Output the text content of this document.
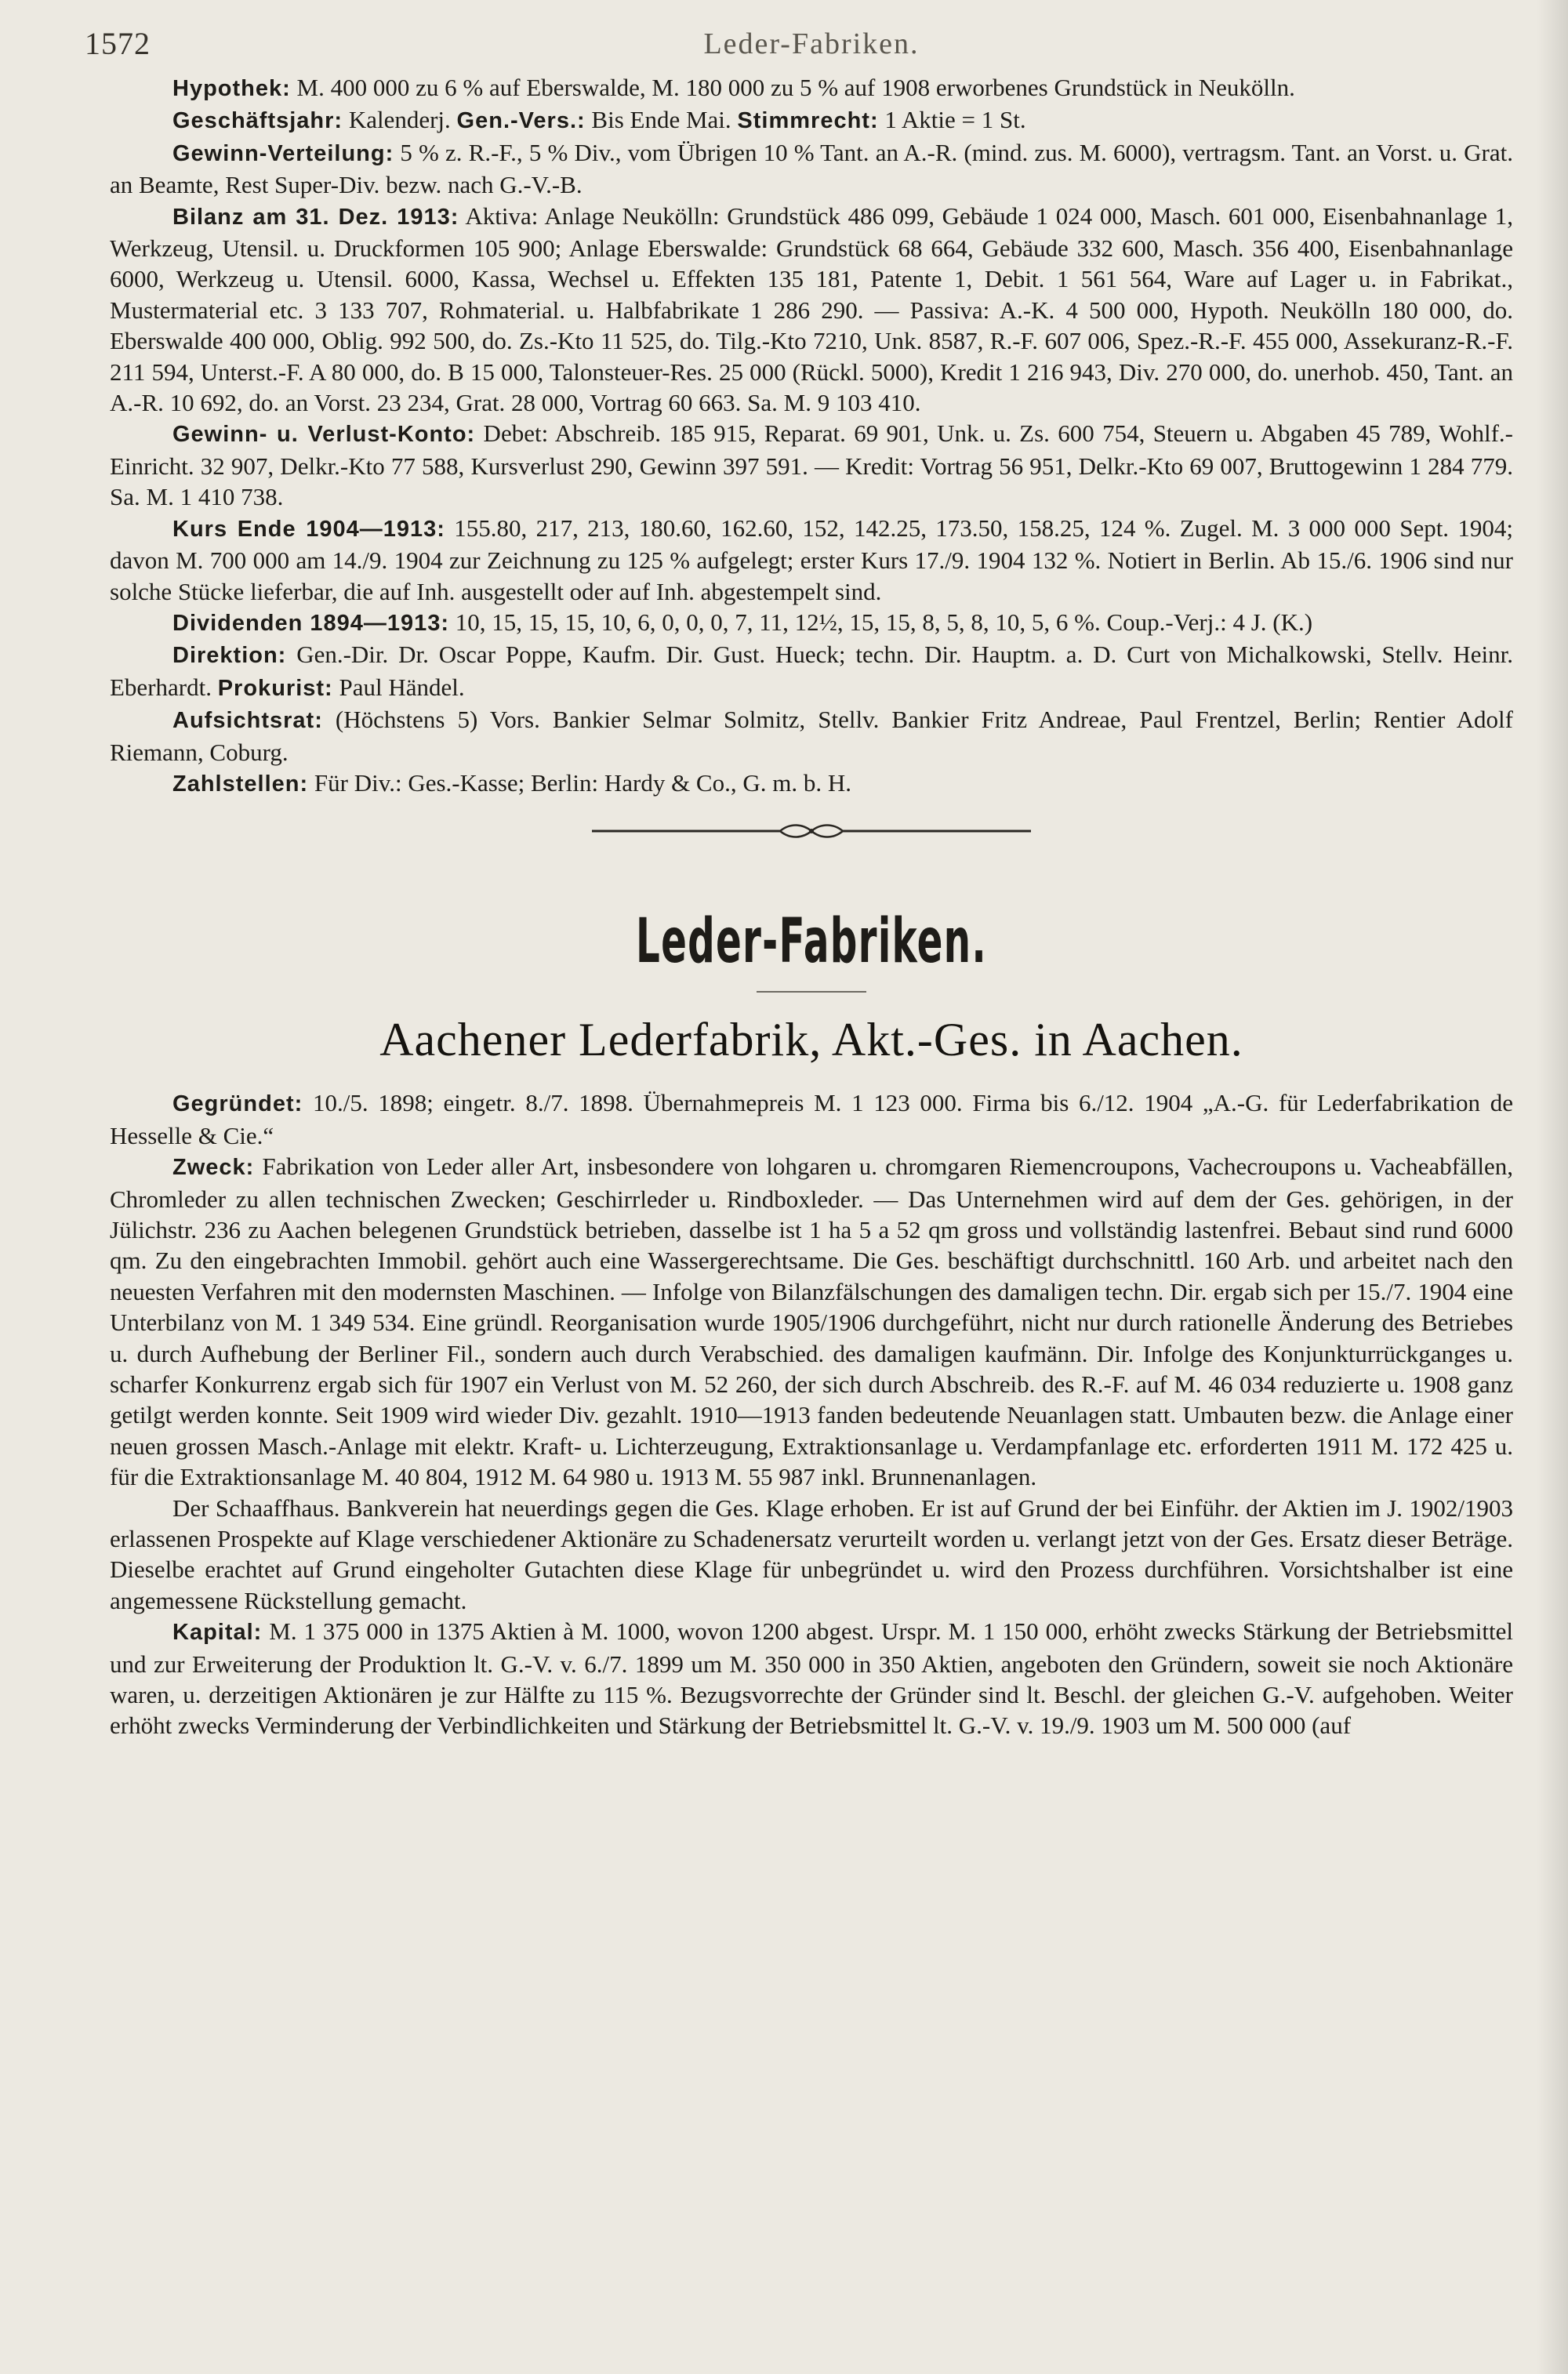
1572	Leder-Fabriken.

Hypothek: M. 400 000 zu 6 % auf Eberswalde, M. 180 000 zu 5 % auf 1908 erworbenes Grundstück in Neukölln.

Geschäftsjahr: Kalenderj. Gen.-Vers.: Bis Ende Mai. Stimmrecht: 1 Aktie = 1 St.

Gewinn-Verteilung: 5 % z. R.-F., 5 % Div., vom Übrigen 10 % Tant. an A.-R. (mind. zus. M. 6000), vertragsm. Tant. an Vorst. u. Grat. an Beamte, Rest Super-Div. bezw. nach G.-V.-B.

Bilanz am 31. Dez. 1913: Aktiva: Anlage Neukölln: Grundstück 486 099, Gebäude 1 024 000, Masch. 601 000, Eisenbahnanlage 1, Werkzeug, Utensil. u. Druckformen 105 900; Anlage Eberswalde: Grundstück 68 664, Gebäude 332 600, Masch. 356 400, Eisenbahnanlage 6000, Werkzeug u. Utensil. 6000, Kassa, Wechsel u. Effekten 135 181, Patente 1, Debit. 1 561 564, Ware auf Lager u. in Fabrikat., Mustermaterial etc. 3 133 707, Rohmaterial. u. Halbfabrikate 1 286 290. — Passiva: A.-K. 4 500 000, Hypoth. Neukölln 180 000, do. Eberswalde 400 000, Oblig. 992 500, do. Zs.-Kto 11 525, do. Tilg.-Kto 7210, Unk. 8587, R.-F. 607 006, Spez.-R.-F. 455 000, Assekuranz-R.-F. 211 594, Unterst.-F. A 80 000, do. B 15 000, Talonsteuer-Res. 25 000 (Rückl. 5000), Kredit 1 216 943, Div. 270 000, do. unerhob. 450, Tant. an A.-R. 10 692, do. an Vorst. 23 234, Grat. 28 000, Vortrag 60 663. Sa. M. 9 103 410.

Gewinn- u. Verlust-Konto: Debet: Abschreib. 185 915, Reparat. 69 901, Unk. u. Zs. 600 754, Steuern u. Abgaben 45 789, Wohlf.-Einricht. 32 907, Delkr.-Kto 77 588, Kursverlust 290, Gewinn 397 591. — Kredit: Vortrag 56 951, Delkr.-Kto 69 007, Bruttogewinn 1 284 779. Sa. M. 1 410 738.

Kurs Ende 1904—1913: 155.80, 217, 213, 180.60, 162.60, 152, 142.25, 173.50, 158.25, 124 %. Zugel. M. 3 000 000 Sept. 1904; davon M. 700 000 am 14./9. 1904 zur Zeichnung zu 125 % aufgelegt; erster Kurs 17./9. 1904 132 %. Notiert in Berlin. Ab 15./6. 1906 sind nur solche Stücke lieferbar, die auf Inh. ausgestellt oder auf Inh. abgestempelt sind.

Dividenden 1894—1913: 10, 15, 15, 15, 10, 6, 0, 0, 0, 7, 11, 12½, 15, 15, 8, 5, 8, 10, 5, 6 %. Coup.-Verj.: 4 J. (K.)

Direktion: Gen.-Dir. Dr. Oscar Poppe, Kaufm. Dir. Gust. Hueck; techn. Dir. Hauptm. a. D. Curt von Michalkowski, Stellv. Heinr. Eberhardt. Prokurist: Paul Händel.

Aufsichtsrat: (Höchstens 5) Vors. Bankier Selmar Solmitz, Stellv. Bankier Fritz Andreae, Paul Frentzel, Berlin; Rentier Adolf Riemann, Coburg.

Zahlstellen: Für Div.: Ges.-Kasse; Berlin: Hardy & Co., G. m. b. H.

Leder-Fabriken.
Aachener Lederfabrik, Akt.-Ges. in Aachen.

Gegründet: 10./5. 1898; eingetr. 8./7. 1898. Übernahmepreis M. 1 123 000. Firma bis 6./12. 1904 „A.-G. für Lederfabrikation de Hesselle & Cie.“

Zweck: Fabrikation von Leder aller Art, insbesondere von lohgaren u. chromgaren Riemencroupons, Vachecroupons u. Vacheabfällen, Chromleder zu allen technischen Zwecken; Geschirrleder u. Rindboxleder. — Das Unternehmen wird auf dem der Ges. gehörigen, in der Jülichstr. 236 zu Aachen belegenen Grundstück betrieben, dasselbe ist 1 ha 5 a 52 qm gross und vollständig lastenfrei. Bebaut sind rund 6000 qm. Zu den eingebrachten Immobil. gehört auch eine Wassergerechtsame. Die Ges. beschäftigt durchschnittl. 160 Arb. und arbeitet nach den neuesten Verfahren mit den modernsten Maschinen. — Infolge von Bilanzfälschungen des damaligen techn. Dir. ergab sich per 15./7. 1904 eine Unterbilanz von M. 1 349 534. Eine gründl. Reorganisation wurde 1905/1906 durchgeführt, nicht nur durch rationelle Änderung des Betriebes u. durch Aufhebung der Berliner Fil., sondern auch durch Verabschied. des damaligen kaufmänn. Dir. Infolge des Konjunkturrückganges u. scharfer Konkurrenz ergab sich für 1907 ein Verlust von M. 52 260, der sich durch Abschreib. des R.-F. auf M. 46 034 reduzierte u. 1908 ganz getilgt werden konnte. Seit 1909 wird wieder Div. gezahlt. 1910—1913 fanden bedeutende Neuanlagen statt. Umbauten bezw. die Anlage einer neuen grossen Masch.-Anlage mit elektr. Kraft- u. Lichterzeugung, Extraktionsanlage u. Verdampfanlage etc. erforderten 1911 M. 172 425 u. für die Extraktionsanlage M. 40 804, 1912 M. 64 980 u. 1913 M. 55 987 inkl. Brunnenanlagen.

Der Schaaffhaus. Bankverein hat neuerdings gegen die Ges. Klage erhoben. Er ist auf Grund der bei Einführ. der Aktien im J. 1902/1903 erlassenen Prospekte auf Klage verschiedener Aktionäre zu Schadenersatz verurteilt worden u. verlangt jetzt von der Ges. Ersatz dieser Beträge. Dieselbe erachtet auf Grund eingeholter Gutachten diese Klage für unbegründet u. wird den Prozess durchführen. Vorsichtshalber ist eine angemessene Rückstellung gemacht.

Kapital: M. 1 375 000 in 1375 Aktien à M. 1000, wovon 1200 abgest. Urspr. M. 1 150 000, erhöht zwecks Stärkung der Betriebsmittel und zur Erweiterung der Produktion lt. G.-V. v. 6./7. 1899 um M. 350 000 in 350 Aktien, angeboten den Gründern, soweit sie noch Aktionäre waren, u. derzeitigen Aktionären je zur Hälfte zu 115 %. Bezugsvorrechte der Gründer sind lt. Beschl. der gleichen G.-V. aufgehoben. Weiter erhöht zwecks Verminderung der Verbindlichkeiten und Stärkung der Betriebsmittel lt. G.-V. v. 19./9. 1903 um M. 500 000 (auf
